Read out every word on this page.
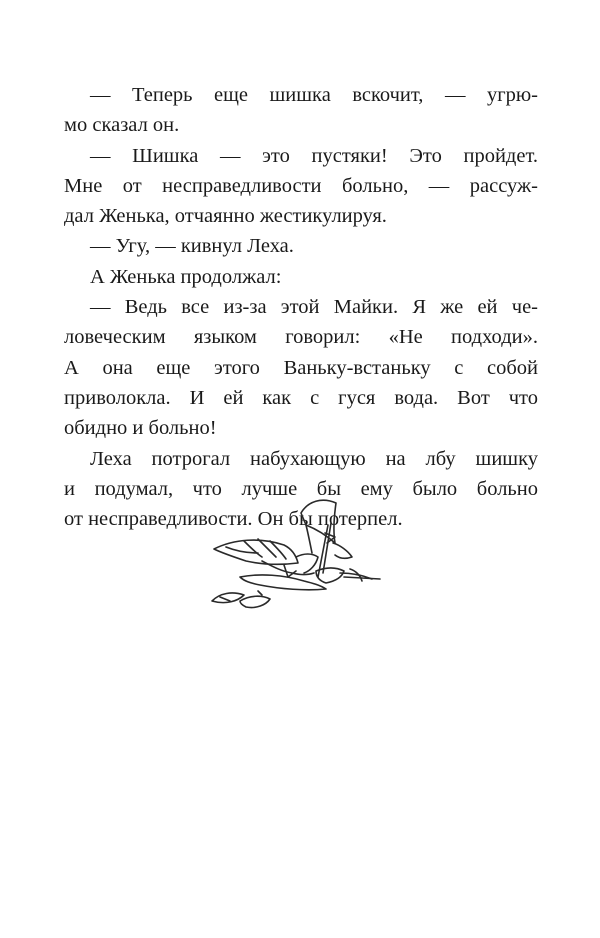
— Теперь еще шишка вскочит, — угрю-
мо сказал он.
— Шишка — это пустяки! Это пройдет.
Мне от несправедливости больно, — рассуж-
дал Женька, отчаянно жестикулируя.
— Угу, — кивнул Леха.
А Женька продолжал:
— Ведь все из-за этой Майки. Я же ей че-
ловеческим языком говорил: «Не подходи».
А она еще этого Ваньку-встаньку с собой
приволокла. И ей как с гуся вода. Вот что
обидно и больно!
Леха потрогал набухающую на лбу шишку
и подумал, что лучше бы ему было больно
от несправедливости. Он бы потерпел.
